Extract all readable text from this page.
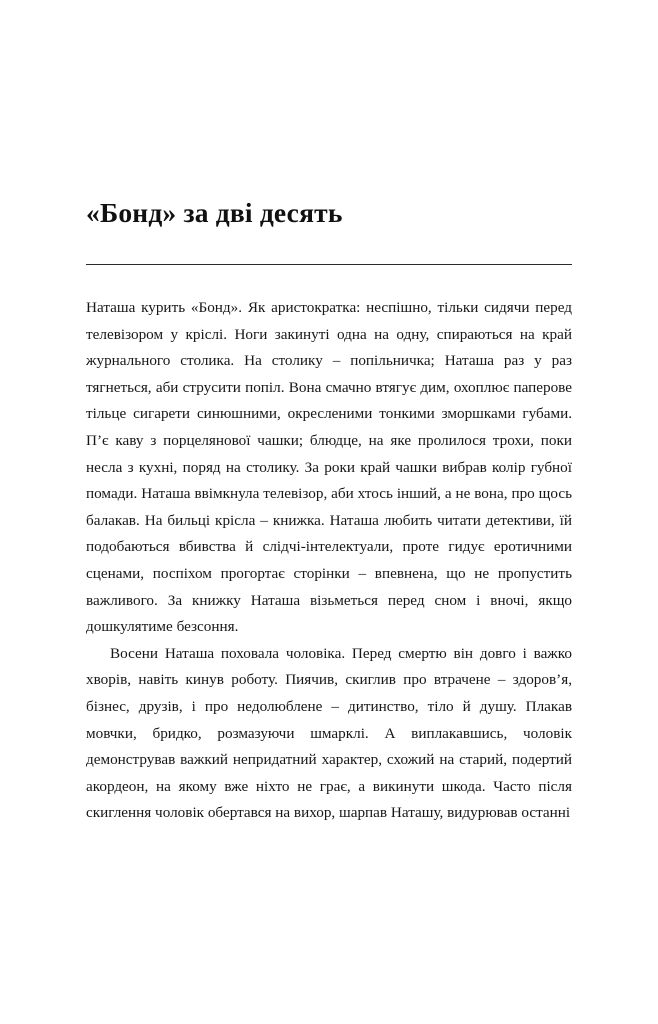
«Бонд» за дві десять

Наташа курить «Бонд». Як аристократка: неспішно, тільки сидячи перед телевізором у кріслі. Ноги закинуті одна на одну, спираються на край журнального столика. На столику – попільничка; Наташа раз у раз тягнеться, аби струсити попіл. Вона смачно втягує дим, охоплює паперове тільце сигарети синюшними, окресленими тонкими зморшками губами. П’є каву з порцелянової чашки; блюдце, на яке пролилося трохи, поки несла з кухні, поряд на столику. За роки край чашки вибрав колір губної помади. Наташа ввімкнула телевізор, аби хтось інший, а не вона, про щось балакав. На бильці крісла – книжка. Наташа любить читати детективи, їй подобаються вбивства й слідчі-інтелектуали, проте гидує еротичними сценами, поспіхом прогортає сторінки – впевнена, що не пропустить важливого. За книжку Наташа візьметься перед сном і вночі, якщо дошкулятиме безсоння.

Восени Наташа поховала чоловіка. Перед смертю він довго і важко хворів, навіть кинув роботу. Пиячив, скиглив про втрачене – здоров’я, бізнес, друзів, і про недолюблене – дитинство, тіло й душу. Плакав мовчки, бридко, розмазуючи шмарклі. А виплакавшись, чоловік демонстрував важкий непридатний характер, схожий на старий, подертий акордеон, на якому вже ніхто не грає, а викинути шкода. Часто після скиглення чоловік обертався на вихор, шарпав Наташу, видурював останні
